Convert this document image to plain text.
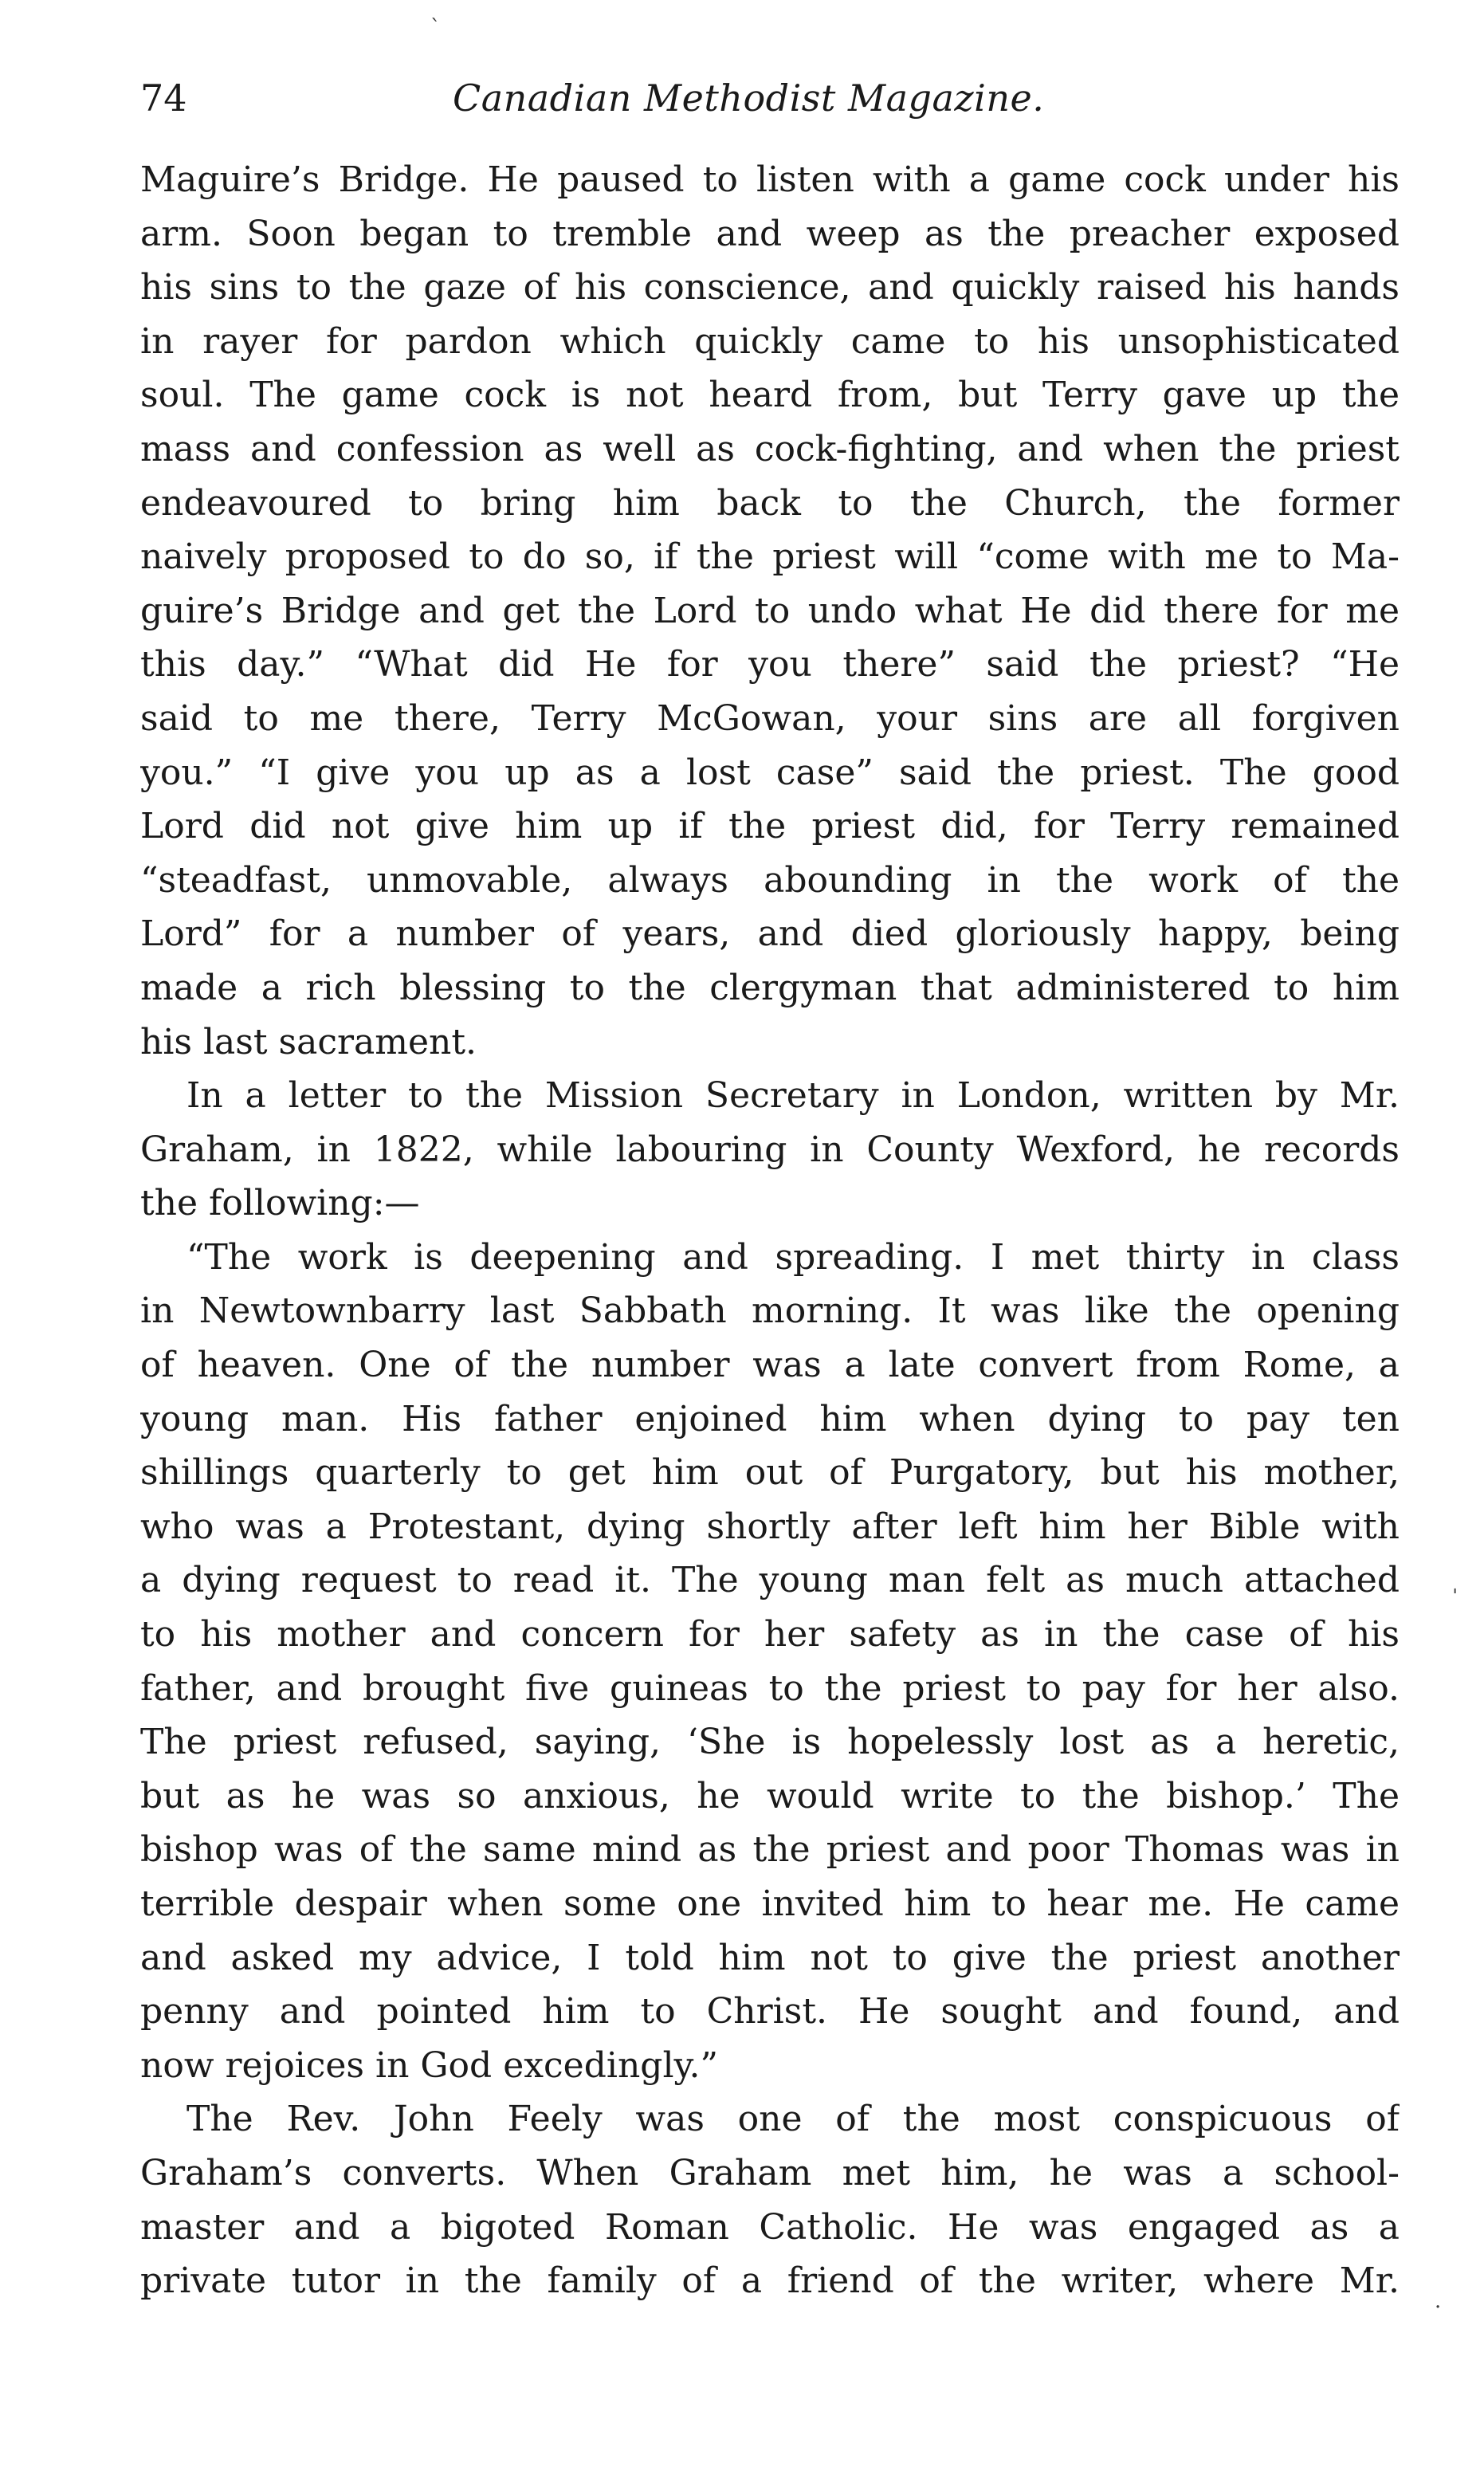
74	Canadian Methodist Magazine.
Maguire’s Bridge. He paused to listen with a game cock under his
arm. Soon began to tremble and weep as the preacher exposed
his sins to the gaze of his conscience, and quickly raised his hands
in rayer for pardon which quickly came to his unsophisticated
soul. The game cock is not heard from, but Terry gave up the
mass and confession as well as cock-fighting, and when the priest
endeavoured to bring him back to the Church, the former
naively proposed to do so, if the priest will “come with me to Ma-
guire’s Bridge and get the Lord to undo what He did there for me
this day.” “What did He for you there” said the priest? “He
said to me there, Terry McGowan, your sins are all forgiven
you.” “I give you up as a lost case” said the priest. The good
Lord did not give him up if the priest did, for Terry remained
“steadfast, unmovable, always abounding in the work of the
Lord” for a number of years, and died gloriously happy, being
made a rich blessing to the clergyman that administered to him
his last sacrament.
In a letter to the Mission Secretary in London, written by Mr.
Graham, in 1822, while labouring in County Wexford, he records
the following:—
“The work is deepening and spreading. I met thirty in class
in Newtownbarry last Sabbath morning. It was like the opening
of heaven. One of the number was a late convert from Rome, a
young man. His father enjoined him when dying to pay ten
shillings quarterly to get him out of Purgatory, but his mother,
who was a Protestant, dying shortly after left him her Bible with
a dying request to read it. The young man felt as much attached
to his mother and concern for her safety as in the case of his
father, and brought five guineas to the priest to pay for her also.
The priest refused, saying, ‘She is hopelessly lost as a heretic,
but as he was so anxious, he would write to the bishop.’ The
bishop was of the same mind as the priest and poor Thomas was in
terrible despair when some one invited him to hear me. He came
and asked my advice, I told him not to give the priest another
penny and pointed him to Christ. He sought and found, and
now rejoices in God excedingly.”
The Rev. John Feely was one of the most conspicuous of
Graham’s converts. When Graham met him, he was a school-
master and a bigoted Roman Catholic. He was engaged as a
private tutor in the family of a friend of the writer, where Mr.
ˋ
ˈ
·
